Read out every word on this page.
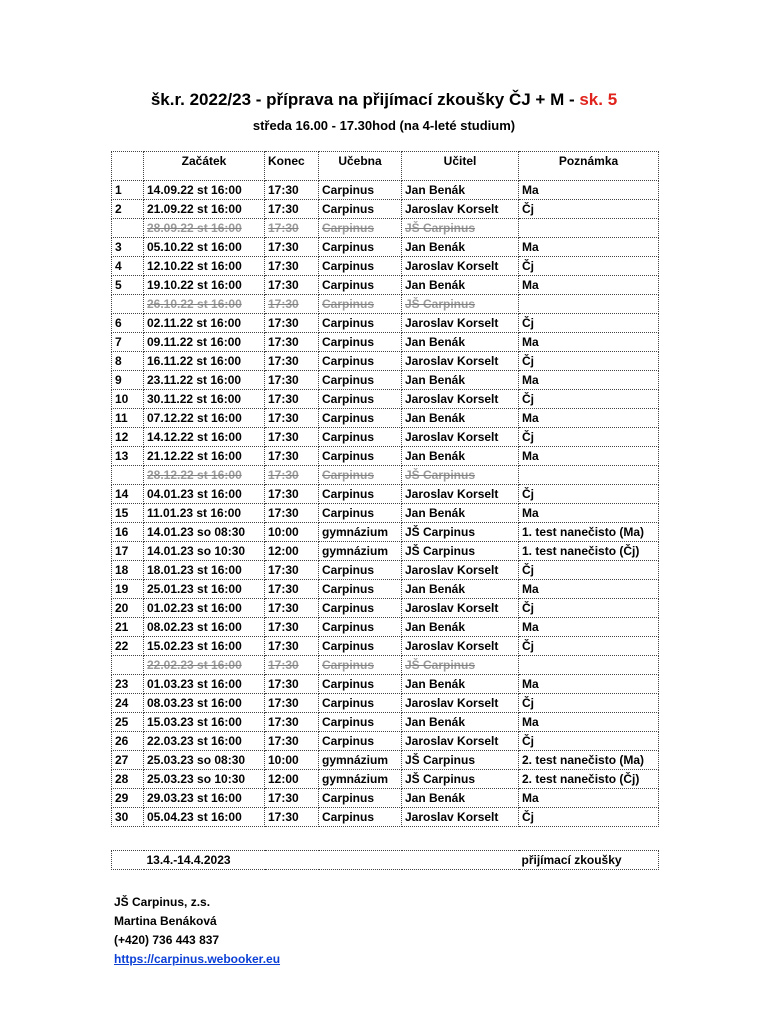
šk.r. 2022/23 - příprava na přijímací zkoušky ČJ + M - sk. 5
středa 16.00 - 17.30hod (na 4-leté studium)
	Začátek	Konec	Učebna	Učitel	Poznámka
1	14.09.22 st 16:00	17:30	Carpinus	Jan Benák	Ma
2	21.09.22 st 16:00	17:30	Carpinus	Jaroslav Korselt	Čj
	28.09.22 st 16:00	17:30	Carpinus	JŠ Carpinus	
3	05.10.22 st 16:00	17:30	Carpinus	Jan Benák	Ma
4	12.10.22 st 16:00	17:30	Carpinus	Jaroslav Korselt	Čj
5	19.10.22 st 16:00	17:30	Carpinus	Jan Benák	Ma
	26.10.22 st 16:00	17:30	Carpinus	JŠ Carpinus	
6	02.11.22 st 16:00	17:30	Carpinus	Jaroslav Korselt	Čj
7	09.11.22 st 16:00	17:30	Carpinus	Jan Benák	Ma
8	16.11.22 st 16:00	17:30	Carpinus	Jaroslav Korselt	Čj
9	23.11.22 st 16:00	17:30	Carpinus	Jan Benák	Ma
10	30.11.22 st 16:00	17:30	Carpinus	Jaroslav Korselt	Čj
11	07.12.22 st 16:00	17:30	Carpinus	Jan Benák	Ma
12	14.12.22 st 16:00	17:30	Carpinus	Jaroslav Korselt	Čj
13	21.12.22 st 16:00	17:30	Carpinus	Jan Benák	Ma
	28.12.22 st 16:00	17:30	Carpinus	JŠ Carpinus	
14	04.01.23 st 16:00	17:30	Carpinus	Jaroslav Korselt	Čj
15	11.01.23 st 16:00	17:30	Carpinus	Jan Benák	Ma
16	14.01.23 so 08:30	10:00	gymnázium	JŠ Carpinus	1. test nanečisto (Ma)
17	14.01.23 so 10:30	12:00	gymnázium	JŠ Carpinus	1. test nanečisto (Čj)
18	18.01.23 st 16:00	17:30	Carpinus	Jaroslav Korselt	Čj
19	25.01.23 st 16:00	17:30	Carpinus	Jan Benák	Ma
20	01.02.23 st 16:00	17:30	Carpinus	Jaroslav Korselt	Čj
21	08.02.23 st 16:00	17:30	Carpinus	Jan Benák	Ma
22	15.02.23 st 16:00	17:30	Carpinus	Jaroslav Korselt	Čj
	22.02.23 st 16:00	17:30	Carpinus	JŠ Carpinus	
23	01.03.23 st 16:00	17:30	Carpinus	Jan Benák	Ma
24	08.03.23 st 16:00	17:30	Carpinus	Jaroslav Korselt	Čj
25	15.03.23 st 16:00	17:30	Carpinus	Jan Benák	Ma
26	22.03.23 st 16:00	17:30	Carpinus	Jaroslav Korselt	Čj
27	25.03.23 so 08:30	10:00	gymnázium	JŠ Carpinus	2. test nanečisto (Ma)
28	25.03.23 so 10:30	12:00	gymnázium	JŠ Carpinus	2. test nanečisto (Čj)
29	29.03.23 st 16:00	17:30	Carpinus	Jan Benák	Ma
30	05.04.23 st 16:00	17:30	Carpinus	Jaroslav Korselt	Čj
	13.4.-14.4.2023				přijímací zkoušky
JŠ Carpinus, z.s.
Martina Benáková
(+420) 736 443 837
https://carpinus.webooker.eu
